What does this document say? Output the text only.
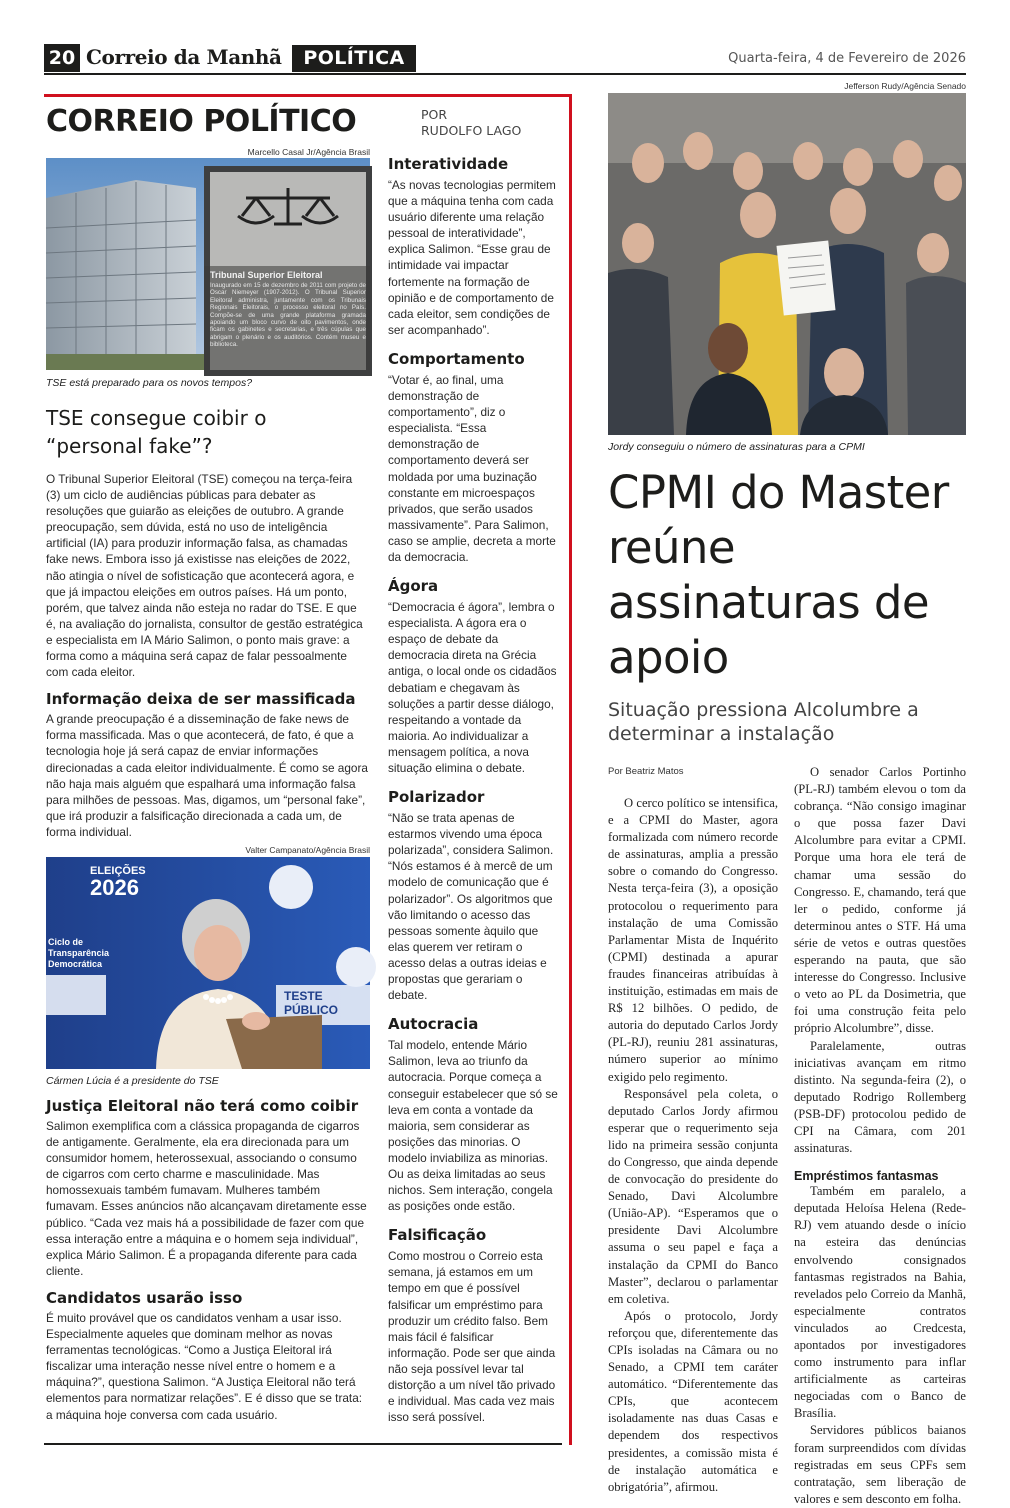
20 Correio da Manhã	POLÍTICA	Quarta-feira, 4 de Fevereiro de 2026
CORREIO POLÍTICO	POR
RUDOLFO LAGO
Marcello Casal Jr/Agência Brasil
Tribunal Superior Eleitoral
Inaugurado em 15 de dezembro de 2011 com projeto de Oscar Niemeyer (1907-2012). O Tribunal Superior Eleitoral administra, juntamente com os Tribunais Regionais Eleitorais, o processo eleitoral no País. Compõe-se de uma grande plataforma gramada apoiando um bloco curvo de oito pavimentos, onde ficam os gabinetes e secretarias, e três cúpulas que abrigam o plenário e os auditórios. Contém museu e biblioteca.
TSE está preparado para os novos tempos?
TSE consegue coibir o “personal fake”?

O Tribunal Superior Eleitoral (TSE) começou na terça-feira (3) um ciclo de audiências públicas para debater as resoluções que guiarão as eleições de outubro. A grande preocupação, sem dúvida, está no uso de inteligência artificial (IA) para produzir informação falsa, as chamadas fake news. Embora isso já existisse nas eleições de 2022, não atingia o nível de sofisticação que acontecerá agora, e que já impactou eleições em outros países. Há um ponto, porém, que talvez ainda não esteja no radar do TSE. E que é, na avaliação do jornalista, consultor de gestão estratégica e especialista em IA Mário Salimon, o ponto mais grave: a forma como a máquina será capaz de falar pessoalmente com cada eleitor.

Informação deixa de ser massificada

A grande preocupação é a disseminação de fake news de forma massificada. Mas o que acontecerá, de fato, é que a tecnologia hoje já será capaz de enviar informações direcionadas a cada eleitor individualmente. É como se agora não haja mais alguém que espalhará uma informação falsa para milhões de pessoas. Mas, digamos, um “personal fake”, que irá produzir a falsificação direcionada a cada um, de forma individual.

Valter Campanato/Agência Brasil
ELEIÇÕES
2026
Ciclo de Transparência Democrática
TESTE PÚBLICO
Cármen Lúcia é a presidente do TSE
Justiça Eleitoral não terá como coibir

Salimon exemplifica com a clássica propaganda de cigarros de antigamente. Geralmente, ela era direcionada para um consumidor homem, heterossexual, associando o consumo de cigarros com certo charme e masculinidade. Mas homossexuais também fumavam. Mulheres também fumavam. Esses anúncios não alcançavam diretamente esse público. “Cada vez mais há a possibilidade de fazer com que essa interação entre a máquina e o homem seja individual”, explica Mário Salimon. É a propaganda diferente para cada cliente.

Candidatos usarão isso

É muito provável que os candidatos venham a usar isso. Especialmente aqueles que dominam melhor as novas ferramentas tecnológicas. “Como a Justiça Eleitoral irá fiscalizar uma interação nesse nível entre o homem e a máquina?”, questiona Salimon. “A Justiça Eleitoral não terá elementos para normatizar relações”. E é disso que se trata: a máquina hoje conversa com cada usuário.

Interatividade

“As novas tecnologias permitem que a máquina tenha com cada usuário diferente uma relação pessoal de interatividade”, explica Salimon. “Esse grau de intimidade vai impactar fortemente na formação de opinião e de comportamento de cada eleitor, sem condições de ser acompanhado”.

Comportamento

“Votar é, ao final, uma demonstração de comportamento”, diz o especialista. “Essa demonstração de comportamento deverá ser moldada por uma buzinação constante em microespaços privados, que serão usados massivamente”. Para Salimon, caso se amplie, decreta a morte da democracia.

Ágora

“Democracia é ágora”, lembra o especialista. A ágora era o espaço de debate da democracia direta na Grécia antiga, o local onde os cidadãos debatiam e chegavam às soluções a partir desse diálogo, respeitando a vontade da maioria. Ao individualizar a mensagem política, a nova situação elimina o debate.

Polarizador

“Não se trata apenas de estarmos vivendo uma época polarizada”, considera Salimon. “Nós estamos é à mercê de um modelo de comunicação que é polarizador”. Os algoritmos que vão limitando o acesso das pessoas somente àquilo que elas querem ver retiram o acesso delas a outras ideias e propostas que gerariam o debate.

Autocracia

Tal modelo, entende Mário Salimon, leva ao triunfo da autocracia. Porque começa a conseguir estabelecer que só se leva em conta a vontade da maioria, sem considerar as posições das minorias. O modelo inviabiliza as minorias. Ou as deixa limitadas ao seus nichos. Sem interação, congela as posições onde estão.

Falsificação

Como mostrou o Correio esta semana, já estamos em um tempo em que é possível falsificar um empréstimo para produzir um crédito falso. Bem mais fácil é falsificar informação. Pode ser que ainda não seja possível levar tal distorção a um nível tão privado e individual. Mas cada vez mais isso será possível.

Jefferson Rudy/Agência Senado
Jordy conseguiu o número de assinaturas para a CPMI
CPMI do Master reúne assinaturas de apoio
Situação pressiona Alcolumbre a determinar a instalação
Por Beatriz Matos

O cerco político se intensifica, e a CPMI do Master, agora formalizada com número recorde de assinaturas, amplia a pressão sobre o comando do Congresso. Nesta terça-feira (3), a oposição protocolou o requerimento para instalação de uma Comissão Parlamentar Mista de Inquérito (CPMI) destinada a apurar fraudes financeiras atribuídas à instituição, estimadas em mais de R$ 12 bilhões. O pedido, de autoria do deputado Carlos Jordy (PL-RJ), reuniu 281 assinaturas, número superior ao mínimo exigido pelo regimento.

Responsável pela coleta, o deputado Carlos Jordy afirmou esperar que o requerimento seja lido na primeira sessão conjunta do Congresso, que ainda depende de convocação do presidente do Senado, Davi Alcolumbre (União-AP). “Esperamos que o presidente Davi Alcolumbre assuma o seu papel e faça a instalação da CPMI do Banco Master”, declarou o parlamentar em coletiva.

Após o protocolo, Jordy reforçou que, diferentemente das CPIs isoladas na Câmara ou no Senado, a CPMI tem caráter automático. “Diferentemente das CPIs, que acontecem isoladamente nas duas Casas e dependem dos respectivos presidentes, a comissão mista é de instalação automática e obrigatória”, afirmou.

O senador Carlos Portinho (PL-RJ) também elevou o tom da cobrança. “Não consigo imaginar o que possa fazer Davi Alcolumbre para evitar a CPMI. Porque uma hora ele terá de chamar uma sessão do Congresso. E, chamando, terá que ler o pedido, conforme já determinou antes o STF. Há uma série de vetos e outras questões esperando na pauta, que são interesse do Congresso. Inclusive o veto ao PL da Dosimetria, que foi uma construção feita pelo próprio Alcolumbre”, disse.

Paralelamente, outras iniciativas avançam em ritmo distinto. Na segunda-feira (2), o deputado Rodrigo Rollemberg (PSB-DF) protocolou pedido de CPI na Câmara, com 201 assinaturas.

Empréstimos fantasmas

Também em paralelo, a deputada Heloísa Helena (Rede-RJ) vem atuando desde o início na esteira das denúncias envolvendo consignados fantasmas registrados na Bahia, revelados pelo Correio da Manhã, especialmente contratos vinculados ao Credcesta, apontados por investigadores como instrumento para inflar artificialmente as carteiras negociadas com o Banco de Brasília.

Servidores públicos baianos foram surpreendidos com dívidas registradas em seus CPFs sem contratação, sem liberação de valores e sem desconto em folha.
